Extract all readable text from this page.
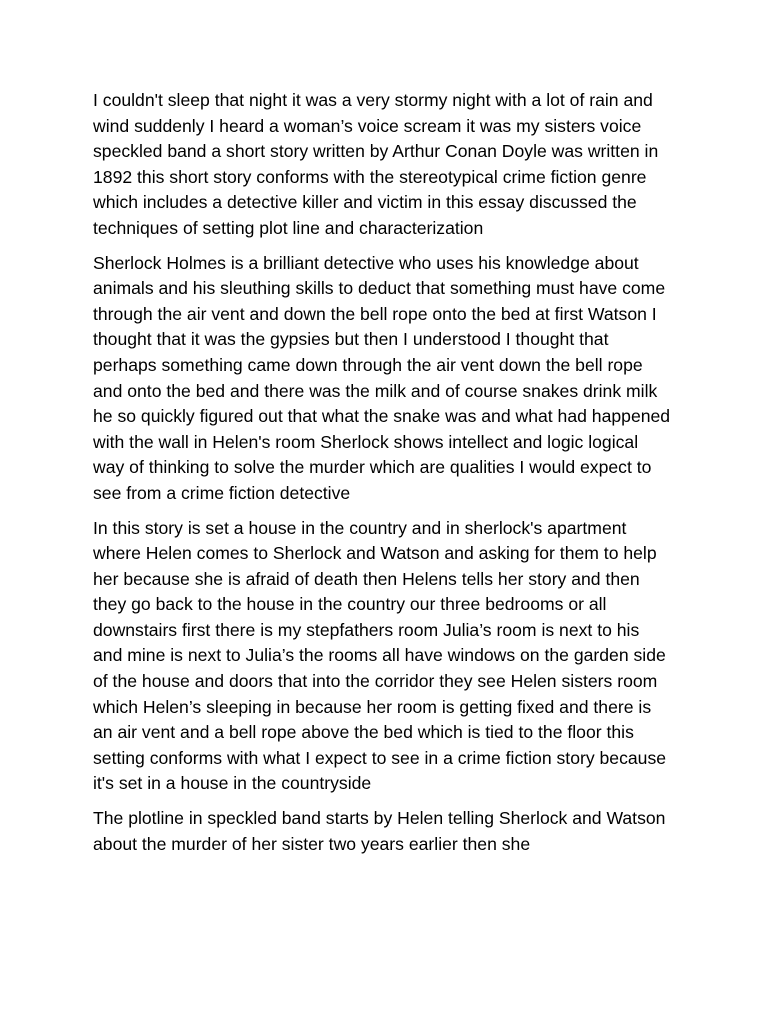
I couldn't sleep that night it was a very stormy night with a lot of rain and wind suddenly I heard a woman’s voice scream it was my sisters voice speckled band a short story written by Arthur Conan Doyle was written in 1892 this short story conforms with the stereotypical crime fiction genre which includes a detective killer and victim in this essay discussed the techniques of setting plot line and characterization

Sherlock Holmes is a brilliant detective who uses his knowledge about animals and his sleuthing skills to deduct that something must have come through the air vent and down the bell rope onto the bed at first Watson I thought that it was the gypsies but then I understood I thought that perhaps something came down through the air vent down the bell rope and onto the bed and there was the milk and of course snakes drink milk he so quickly figured out that what the snake was and what had happened with the wall in Helen's room Sherlock shows intellect and logic logical way of thinking to solve the murder which are qualities I would expect to see from a crime fiction detective

In this story is set a house in the country and in sherlock's apartment where Helen comes to Sherlock and Watson and asking for them to help her because she is afraid of death then Helens tells her story and then they go back to the house in the country our three bedrooms or all downstairs first there is my stepfathers room Julia’s room is next to his and mine is next to Julia’s the rooms all have windows on the garden side of the house and doors that into the corridor they see Helen sisters room which Helen’s sleeping in because her room is getting fixed and there is an air vent and a bell rope above the bed which is tied to the floor this setting conforms with what I expect to see in a crime fiction story because it's set in a house in the countryside

The plotline in speckled band starts by Helen telling Sherlock and Watson about the murder of her sister two years earlier then she
